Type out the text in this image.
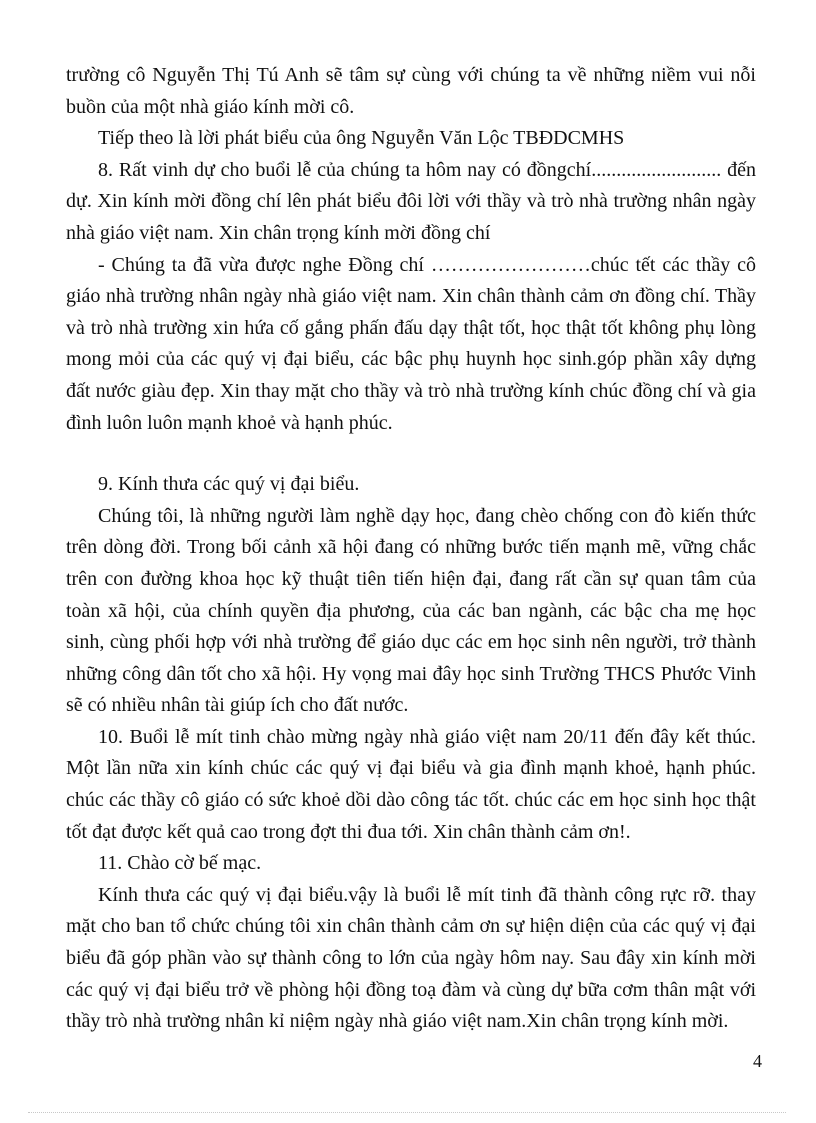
trường cô Nguyễn Thị Tú Anh sẽ tâm sự cùng với chúng ta về những niềm vui nỗi buồn của một nhà giáo kính mời cô.

Tiếp theo là lời phát biểu của ông Nguyễn Văn Lộc TBĐDCMHS

8. Rất vinh dự cho buổi lễ của chúng ta hôm nay có đồngchí.......................... đến dự. Xin kính mời đồng chí lên phát biểu đôi lời với thầy và trò nhà trường nhân ngày nhà giáo việt nam. Xin chân trọng kính mời đồng chí

- Chúng ta đã vừa được nghe Đồng chí ……………………chúc tết các thầy cô giáo nhà trường nhân ngày nhà giáo việt nam. Xin chân thành cảm ơn đồng chí. Thầy và trò nhà trường xin hứa cố gắng phấn đấu dạy thật tốt, học thật tốt không phụ lòng mong mỏi của các quý vị đại biểu, các bậc phụ huynh học sinh.góp phần xây dựng đất nước giàu đẹp. Xin thay mặt cho thầy và trò nhà trường kính chúc đồng chí và gia đình luôn luôn mạnh khoẻ và hạnh phúc.

9. Kính thưa các quý vị đại biểu.

Chúng tôi, là những người làm nghề dạy học, đang chèo chống con đò kiến thức trên dòng đời. Trong bối cảnh xã hội đang có những bước tiến mạnh mẽ, vững chắc trên con đường khoa học kỹ thuật tiên tiến hiện đại, đang rất cần sự quan tâm của toàn xã hội, của chính quyền địa phương, của các ban ngành, các bậc cha mẹ học sinh, cùng phối hợp với nhà trường để giáo dục các em học sinh nên người, trở thành những công dân tốt cho xã hội. Hy vọng mai đây học sinh Trường THCS Phước Vinh sẽ có nhiều nhân tài giúp ích cho đất nước.

10. Buổi lễ mít tinh chào mừng ngày nhà giáo việt nam 20/11 đến đây kết thúc. Một lần nữa xin kính chúc các quý vị đại biểu và gia đình mạnh khoẻ, hạnh phúc. chúc các thầy cô giáo có sức khoẻ dồi dào công tác tốt. chúc các em học sinh học thật tốt đạt được kết quả cao trong đợt thi đua tới. Xin chân thành cảm ơn!.

11. Chào cờ bế mạc.

Kính thưa các quý vị đại biểu.vậy là buổi lễ mít tinh đã thành công rực rỡ. thay mặt cho ban tổ chức chúng tôi xin chân thành cảm ơn sự hiện diện của các quý vị đại biểu đã góp phần vào sự thành công to lớn của ngày hôm nay. Sau đây xin kính mời các quý vị đại biểu trở về phòng hội đồng toạ đàm và cùng dự bữa cơm thân mật với thầy trò nhà trường nhân kỉ niệm ngày nhà giáo việt nam.Xin chân trọng kính mời.

4
